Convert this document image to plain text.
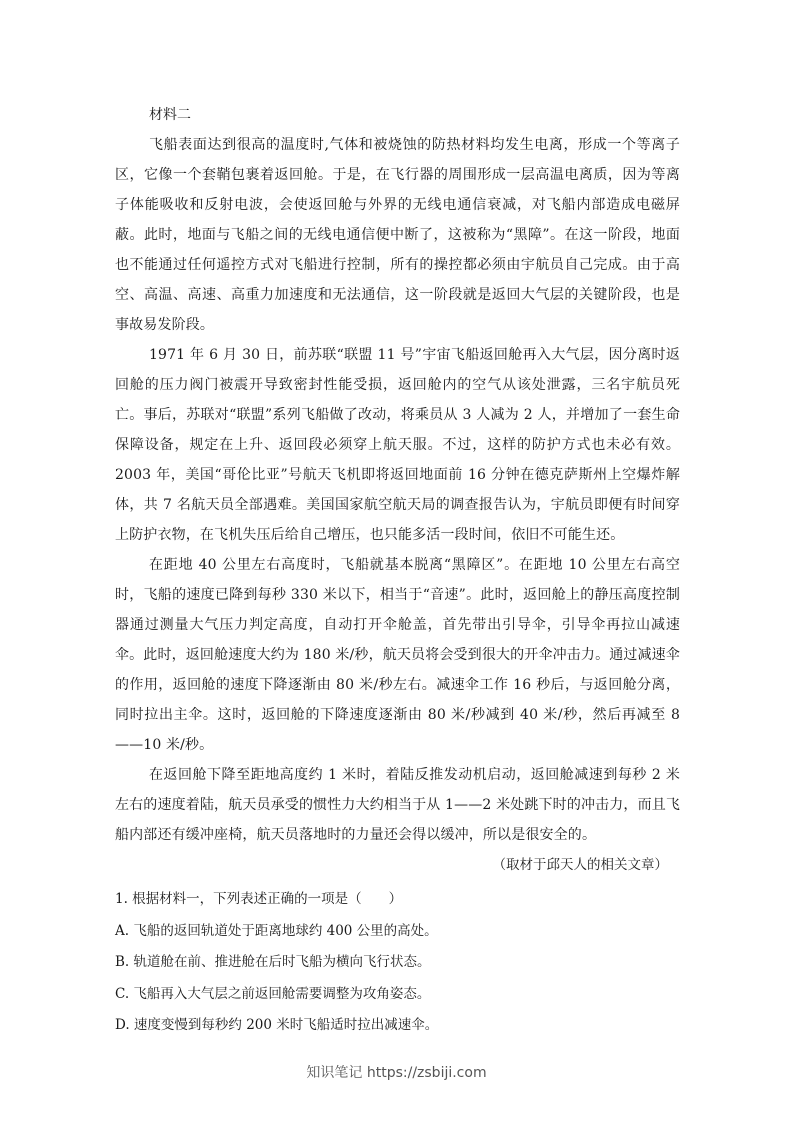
材料二

飞船表面达到很高的温度时,气体和被烧蚀的防热材料均发生电离，形成一个等离子区，它像一个套鞘包裹着返回舱。于是，在飞行器的周围形成一层高温电离质，因为等离子体能吸收和反射电波，会使返回舱与外界的无线电通信衰减，对飞船内部造成电磁屏蔽。此时，地面与飞船之间的无线电通信便中断了，这被称为“黑障”。在这一阶段，地面也不能通过任何遥控方式对飞船进行控制，所有的操控都必须由宇航员自己完成。由于高空、高温、高速、高重力加速度和无法通信，这一阶段就是返回大气层的关键阶段，也是事故易发阶段。

1971 年 6 月 30 日，前苏联“联盟 11 号”宇宙飞船返回舱再入大气层，因分离时返回舱的压力阀门被震开导致密封性能受损，返回舱内的空气从该处泄露，三名宇航员死亡。事后，苏联对“联盟”系列飞船做了改动，将乘员从 3 人减为 2 人，并增加了一套生命保障设备，规定在上升、返回段必须穿上航天服。不过，这样的防护方式也未必有效。2003 年，美国“哥伦比亚”号航天飞机即将返回地面前 16 分钟在德克萨斯州上空爆炸解体，共 7 名航天员全部遇难。美国国家航空航天局的调查报告认为，宇航员即便有时间穿上防护衣物，在飞机失压后给自己增压，也只能多活一段时间，依旧不可能生还。

在距地 40 公里左右高度时，飞船就基本脱离“黑障区”。在距地 10 公里左右高空时，飞船的速度已降到每秒 330 米以下，相当于“音速”。此时，返回舱上的静压高度控制器通过测量大气压力判定高度，自动打开伞舱盖，首先带出引导伞，引导伞再拉山减速伞。此时，返回舱速度大约为 180 米/秒，航天员将会受到很大的开伞冲击力。通过减速伞的作用，返回舱的速度下降逐渐由 80 米/秒左右。减速伞工作 16 秒后，与返回舱分离，同时拉出主伞。这时，返回舱的下降速度逐渐由 80 米/秒减到 40 米/秒，然后再减至 8——10 米/秒。

在返回舱下降至距地高度约 1 米时，着陆反推发动机启动，返回舱减速到每秒 2 米左右的速度着陆，航天员承受的惯性力大约相当于从 1——2 米处跳下时的冲击力，而且飞船内部还有缓冲座椅，航天员落地时的力量还会得以缓冲，所以是很安全的。

（取材于邱天人的相关文章）

1. 根据材料一，下列表述正确的一项是（　　）

A. 飞船的返回轨道处于距离地球约 400 公里的高处。

B. 轨道舱在前、推进舱在后时飞船为横向飞行状态。

C. 飞船再入大气层之前返回舱需要调整为攻角姿态。

D. 速度变慢到每秒约 200 米时飞船适时拉出减速伞。

知识笔记 https://zsbiji.com
